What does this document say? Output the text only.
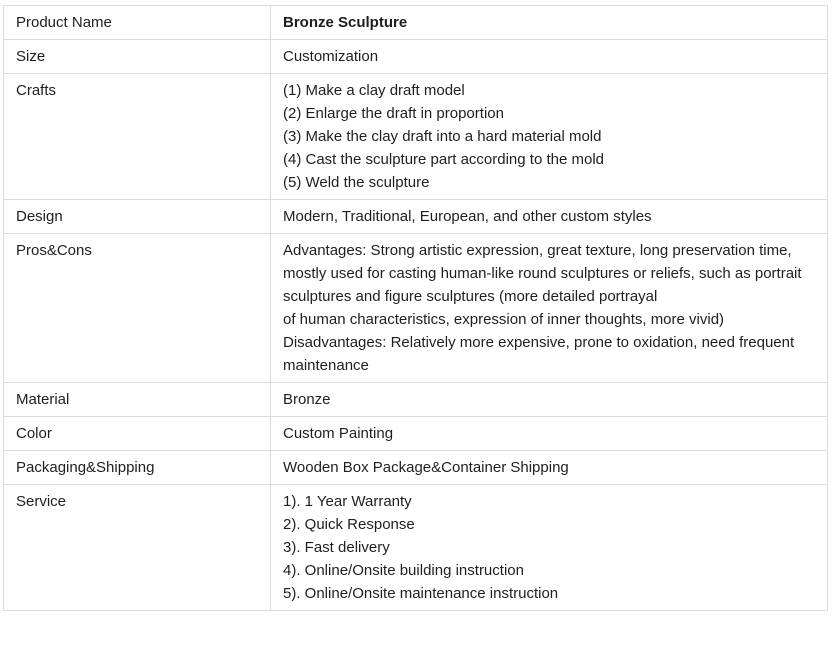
Product Name	Bronze Sculpture

Size	Customization

Crafts	(1) Make a clay draft model
(2) Enlarge the draft in proportion
(3) Make the clay draft into a hard material mold
(4) Cast the sculpture part according to the mold
(5) Weld the sculpture

Design	Modern, Traditional, European, and other custom styles

Pros&Cons	Advantages: Strong artistic expression, great texture, long preservation time, mostly used for casting human-like round sculptures or reliefs, such as portrait sculptures and figure sculptures (more detailed portrayal
of human characteristics, expression of inner thoughts, more vivid)
Disadvantages: Relatively more expensive, prone to oxidation, need frequent maintenance

Material	Bronze

Color	Custom Painting

Packaging&Shipping	Wooden Box Package&Container Shipping

Service	1). 1 Year Warranty
2). Quick Response
3). Fast delivery
4). Online/Onsite building instruction
5). Online/Onsite maintenance instruction
